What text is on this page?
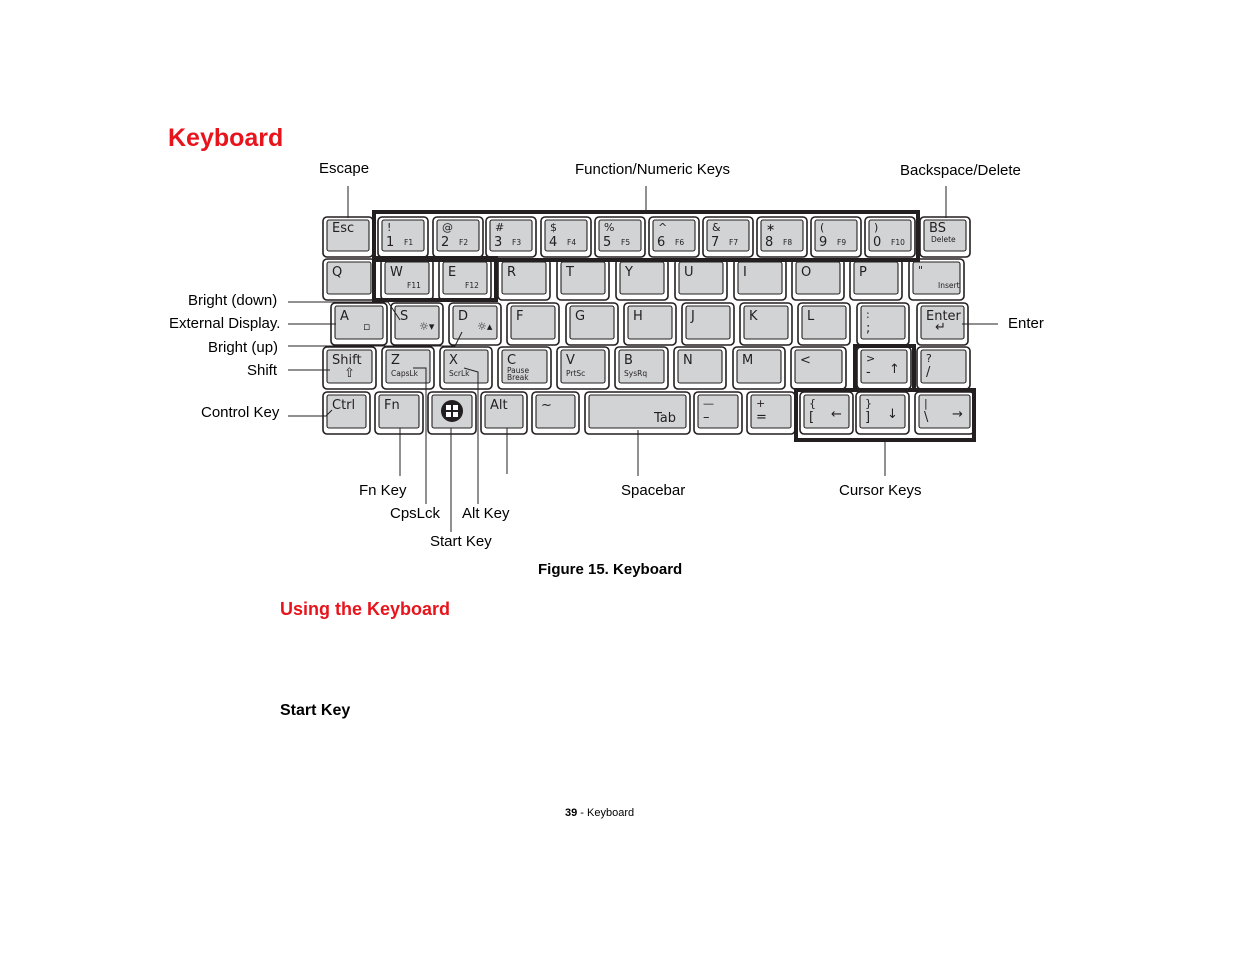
Keyboard
Esc	!
1 F1
@
2 F2
#
3 F3
$
4 F4
%
5 F5
^
6 F6
&
7 F7
∗
8 F8
(
9 F9
)
0 F10
BS
Delete
Q	W
F11
E
F12
R	T	Y	U	I	O	P	"
Insert
A
▫
S
☼▾
D
☼▴
F	G	H	J	K	L	:
;
Enter
↵
Shift
⇧
Z
CapsLk
X
ScrLk
C
Pause
Break
V
PrtSc
B
SysRq
N	M	<	>
- ↑
?
/
Ctrl Fn	Alt	~
Tab
—
–
+
=
{
[ ←
}
] ↓
|
\ →
Escape	Function/Numeric Keys	Backspace/Delete
Bright (down)
External Display.
Bright (up)
Shift
Control Key
Enter
Fn Key
CpsLck Alt Key
Start Key
Spacebar	Cursor Keys
Figure 15. Keyboard
Using the Keyboard
Start Key
39 - Keyboard
